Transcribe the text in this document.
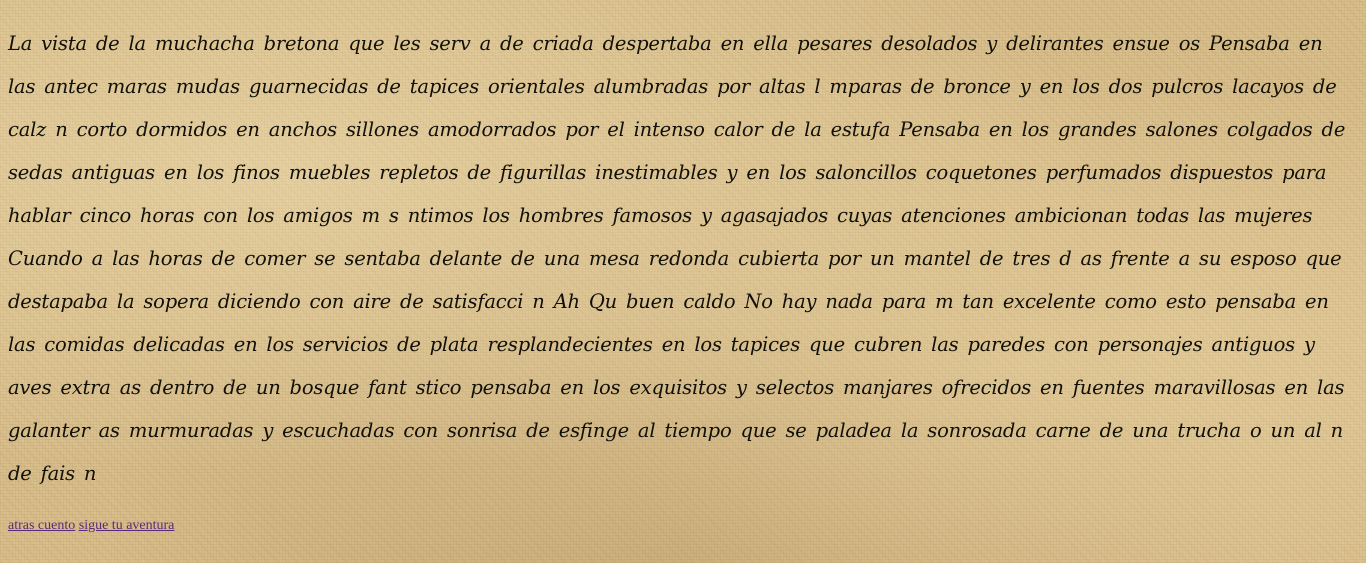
La vista de la muchacha bretona que les serv a de criada despertaba en ella pesares desolados y delirantes ensue os Pensaba en las antec maras mudas guarnecidas de tapices orientales alumbradas por altas l mparas de bronce y en los dos pulcros lacayos de calz n corto dormidos en anchos sillones amodorrados por el intenso calor de la estufa Pensaba en los grandes salones colgados de sedas antiguas en los finos muebles repletos de figurillas inestimables y en los saloncillos coquetones perfumados dispuestos para hablar cinco horas con los amigos m s ntimos los hombres famosos y agasajados cuyas atenciones ambicionan todas las mujeres Cuando a las horas de comer se sentaba delante de una mesa redonda cubierta por un mantel de tres d as frente a su esposo que destapaba la sopera diciendo con aire de satisfacci n Ah Qu buen caldo No hay nada para m tan excelente como esto pensaba en las comidas delicadas en los servicios de plata resplandecientes en los tapices que cubren las paredes con personajes antiguos y aves extra as dentro de un bosque fant stico pensaba en los exquisitos y selectos manjares ofrecidos en fuentes maravillosas en las galanter as murmuradas y escuchadas con sonrisa de esfinge al tiempo que se paladea la sonrosada carne de una trucha o un al n de fais n

atras cuento sigue tu aventura
